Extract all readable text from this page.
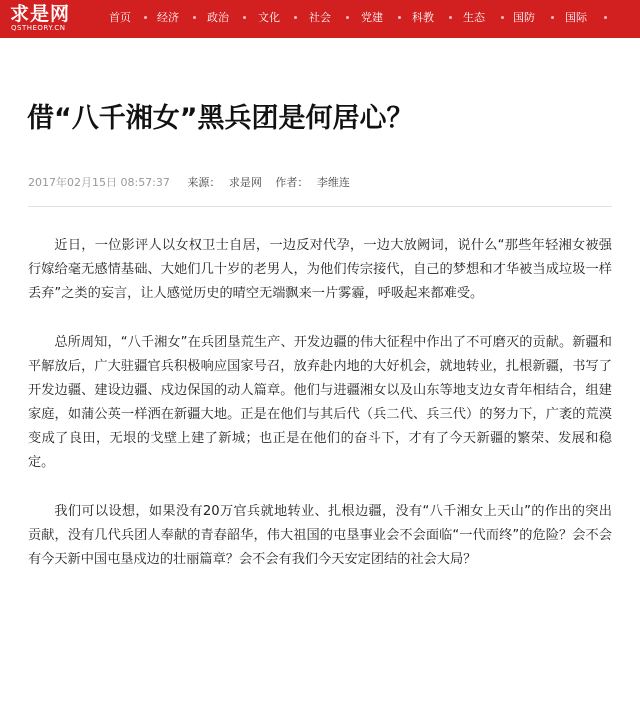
求是网
QSTHEORY.CN
首页 经济	政治	文化	社会	党建	科教	生态	国防	国际
借“八千湘女”黑兵团是何居心？
2017年02月15日 08:57:37 来源： 求是网 作者： 李维连

近日，一位影评人以女权卫士自居，一边反对代孕，一边大放阙词，说什么“那些年轻湘女被强行嫁给毫无感情基础、大她们几十岁的老男人，为他们传宗接代，自己的梦想和才华被当成垃圾一样丢弃”之类的妄言，让人感觉历史的晴空无端飘来一片雾霾，呼吸起来都难受。

总所周知，“八千湘女”在兵团垦荒生产、开发边疆的伟大征程中作出了不可磨灭的贡献。新疆和平解放后，广大驻疆官兵积极响应国家号召，放弃赴内地的大好机会，就地转业，扎根新疆，书写了开发边疆、建设边疆、戍边保国的动人篇章。他们与进疆湘女以及山东等地支边女青年相结合，组建家庭，如蒲公英一样洒在新疆大地。正是在他们与其后代（兵二代、兵三代）的努力下，广袤的荒漠变成了良田，无垠的戈壁上建了新城；也正是在他们的奋斗下，才有了今天新疆的繁荣、发展和稳定。

我们可以设想，如果没有20万官兵就地转业、扎根边疆，没有“八千湘女上天山”的作出的突出贡献，没有几代兵团人奉献的青春韶华，伟大祖国的屯垦事业会不会面临“一代而终”的危险？会不会有今天新中国屯垦戍边的壮丽篇章？会不会有我们今天安定团结的社会大局？
